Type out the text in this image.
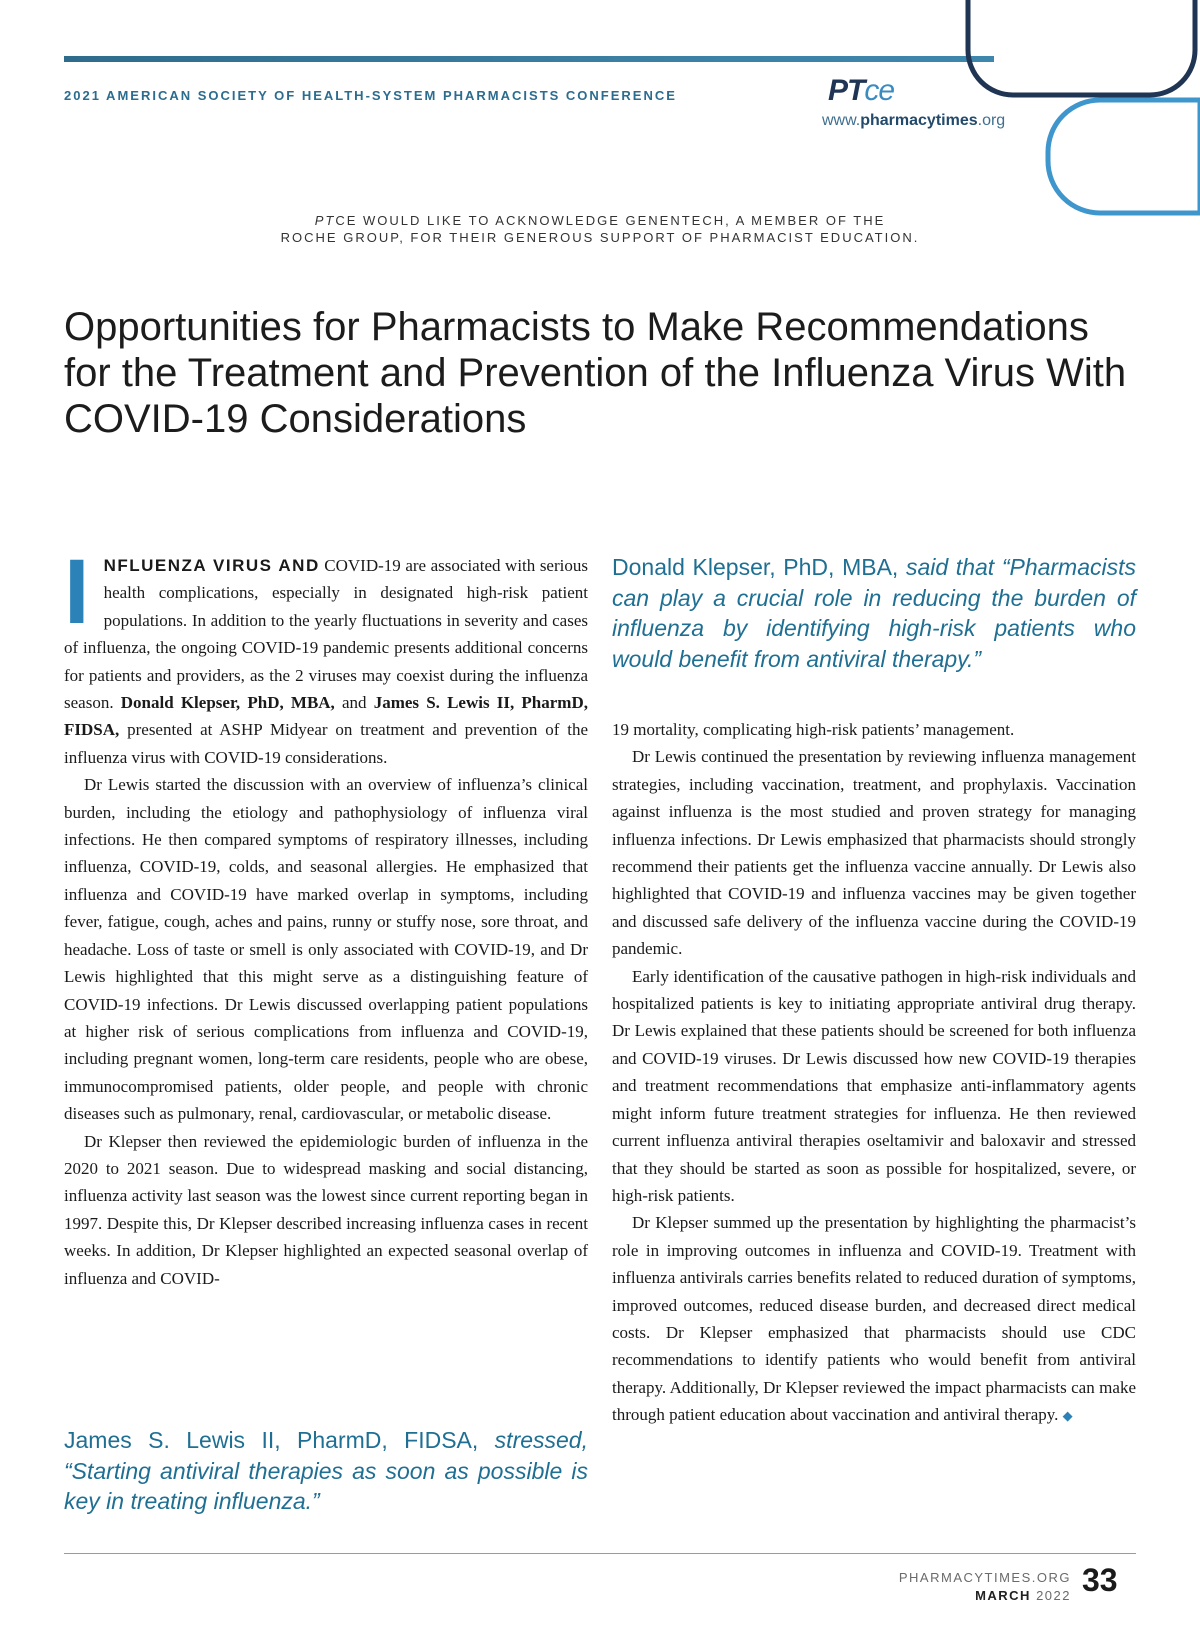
2021 AMERICAN SOCIETY OF HEALTH-SYSTEM PHARMACISTS CONFERENCE	PTce
www.pharmacytimes.org
PTCE WOULD LIKE TO ACKNOWLEDGE GENENTECH, A MEMBER OF THE
ROCHE GROUP, FOR THEIR GENEROUS SUPPORT OF PHARMACIST EDUCATION.
Opportunities for Pharmacists to Make Recommendations for the Treatment and Prevention of the Influenza Virus With COVID-19 Considerations

INFLUENZA VIRUS AND COVID-19 are associated with serious health complications, especially in designated high-risk patient populations. In addition to the yearly fluctuations in severity and cases of influenza, the ongoing COVID-19 pandemic presents additional concerns for patients and providers, as the 2 viruses may coexist during the influenza season. Donald Klepser, PhD, MBA, and James S. Lewis II, PharmD, FIDSA, presented at ASHP Midyear on treatment and prevention of the influenza virus with COVID-19 considerations.

Dr Lewis started the discussion with an overview of influenza’s clinical burden, including the etiology and pathophysiology of influenza viral infections. He then compared symptoms of respiratory illnesses, including influenza, COVID-19, colds, and seasonal allergies. He emphasized that influenza and COVID-19 have marked overlap in symptoms, including fever, fatigue, cough, aches and pains, runny or stuffy nose, sore throat, and headache. Loss of taste or smell is only associated with COVID-19, and Dr Lewis highlighted that this might serve as a distinguishing feature of COVID-19 infections. Dr Lewis discussed overlapping patient populations at higher risk of serious complications from influenza and COVID-19, including pregnant women, long-term care residents, people who are obese, immunocompromised patients, older people, and people with chronic diseases such as pulmonary, renal, cardiovascular, or metabolic disease.

Dr Klepser then reviewed the epidemiologic burden of influenza in the 2020 to 2021 season. Due to widespread masking and social distancing, influenza activity last season was the lowest since current reporting began in 1997. Despite this, Dr Klepser described increasing influenza cases in recent weeks. In addition, Dr Klepser highlighted an expected seasonal overlap of influenza and COVID-

James S. Lewis II, PharmD, FIDSA, stressed, “Starting antiviral therapies as soon as possible is key in treating influenza.”
Donald Klepser, PhD, MBA, said that “Pharmacists can play a crucial role in reducing the burden of influenza by identifying high-risk patients who would benefit from antiviral therapy.”

19 mortality, complicating high-risk patients’ management.

Dr Lewis continued the presentation by reviewing influenza management strategies, including vaccination, treatment, and prophylaxis. Vaccination against influenza is the most studied and proven strategy for managing influenza infections. Dr Lewis emphasized that pharmacists should strongly recommend their patients get the influenza vaccine annually. Dr Lewis also highlighted that COVID-19 and influenza vaccines may be given together and discussed safe delivery of the influenza vaccine during the COVID-19 pandemic.

Early identification of the causative pathogen in high-risk individuals and hospitalized patients is key to initiating appropriate antiviral drug therapy. Dr Lewis explained that these patients should be screened for both influenza and COVID-19 viruses. Dr Lewis discussed how new COVID-19 therapies and treatment recommendations that emphasize anti-inflammatory agents might inform future treatment strategies for influenza. He then reviewed current influenza antiviral therapies oseltamivir and baloxavir and stressed that they should be started as soon as possible for hospitalized, severe, or high-risk patients.

Dr Klepser summed up the presentation by highlighting the pharmacist’s role in improving outcomes in influenza and COVID-19. Treatment with influenza antivirals carries benefits related to reduced duration of symptoms, improved outcomes, reduced disease burden, and decreased direct medical costs. Dr Klepser emphasized that pharmacists should use CDC recommendations to identify patients who would benefit from antiviral therapy. Additionally, Dr Klepser reviewed the impact pharmacists can make through patient education about vaccination and antiviral therapy. ◆

PHARMACYTIMES.ORG
MARCH 2022 33
